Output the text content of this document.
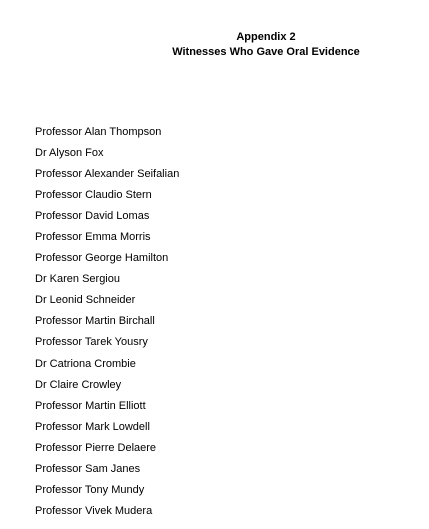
Appendix 2
Witnesses Who Gave Oral Evidence
Professor Alan Thompson
Dr Alyson Fox
Professor Alexander Seifalian
Professor Claudio Stern
Professor David Lomas
Professor Emma Morris
Professor George Hamilton
Dr Karen Sergiou
Dr Leonid Schneider
Professor Martin Birchall
Professor Tarek Yousry
Dr Catriona Crombie
Dr Claire Crowley
Professor Martin Elliott
Professor Mark Lowdell
Professor Pierre Delaere
Professor Sam Janes
Professor Tony Mundy
Professor Vivek Mudera
